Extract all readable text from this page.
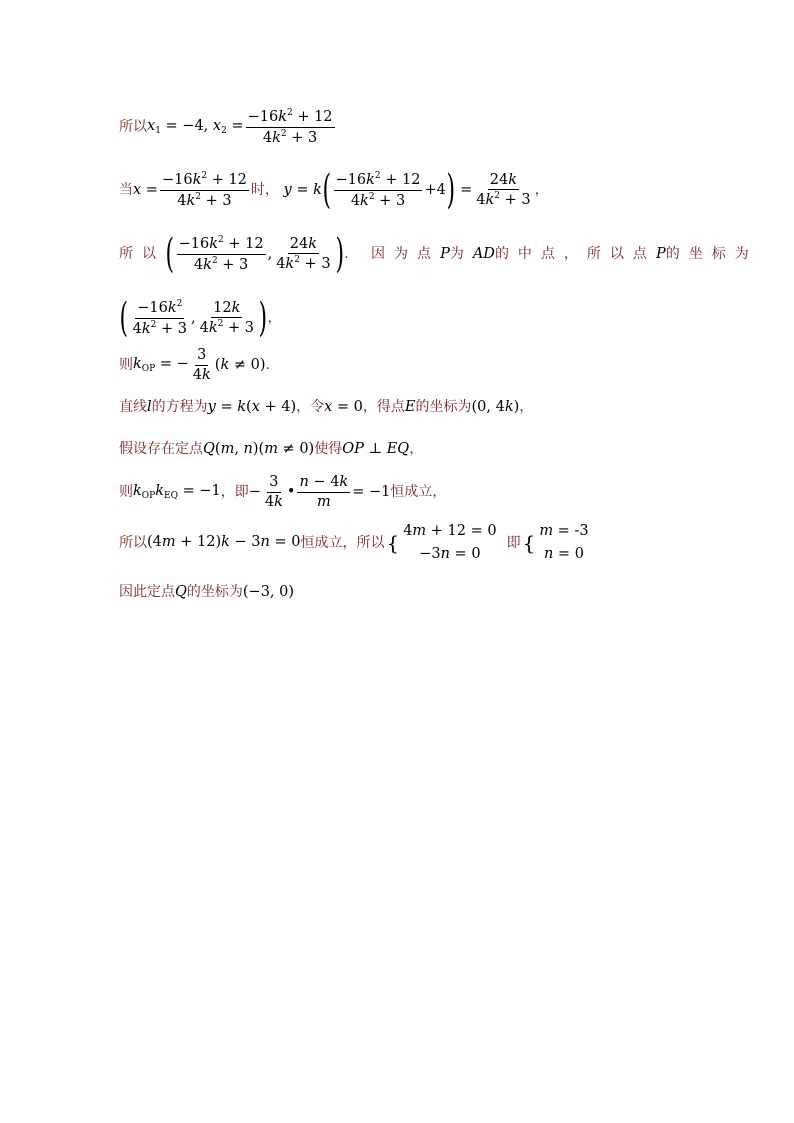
所以 $x_1 = -4$, $x_2 = \frac{-16k^2 + 12}{4k^2 + 3}$
当 $x = \frac{-16k^2 + 12}{4k^2 + 3}$ 时， y = k ( $\frac{-16k^2 + 12}{4k^2 + 3} +4$ ) = $\frac{24k}{4k^2 + 3}$ ，
所以 ( $\frac{-16k^2 + 12}{4k^2 + 3}$ , $\frac{24k}{4k^2 + 3}$ ) . 因为点 P 为 AD 的中点，所以点 P 的坐标为
( $\frac{-16k^2}{4k^2 + 3}$ , $\frac{12k}{4k^2 + 3}$ ) ，
则 $k_{OP}$ = − $\frac{3}{4k} (k \ne 0)$ .
直线 l 的方程为 y = k(x + 4) ，令 x = 0 ，得点 E 的坐标为 (0, 4k) ，
假设存在定点 Q(m, n)(m ≠ 0) 使得 OP ⊥ EQ ，
则 $k_{OP}k_{EQ} = -1$ ，即 − $\frac{3}{4k}$ • $\frac{n - 4k}{m} = -1$ 恒成立，
所以 (4m + 12)k − 3n = 0 恒成立，所以 { 4m + 12 = 0
−3n = 0
即 { m = -3
n = 0
因此定点 Q 的坐标为 (−3, 0)
